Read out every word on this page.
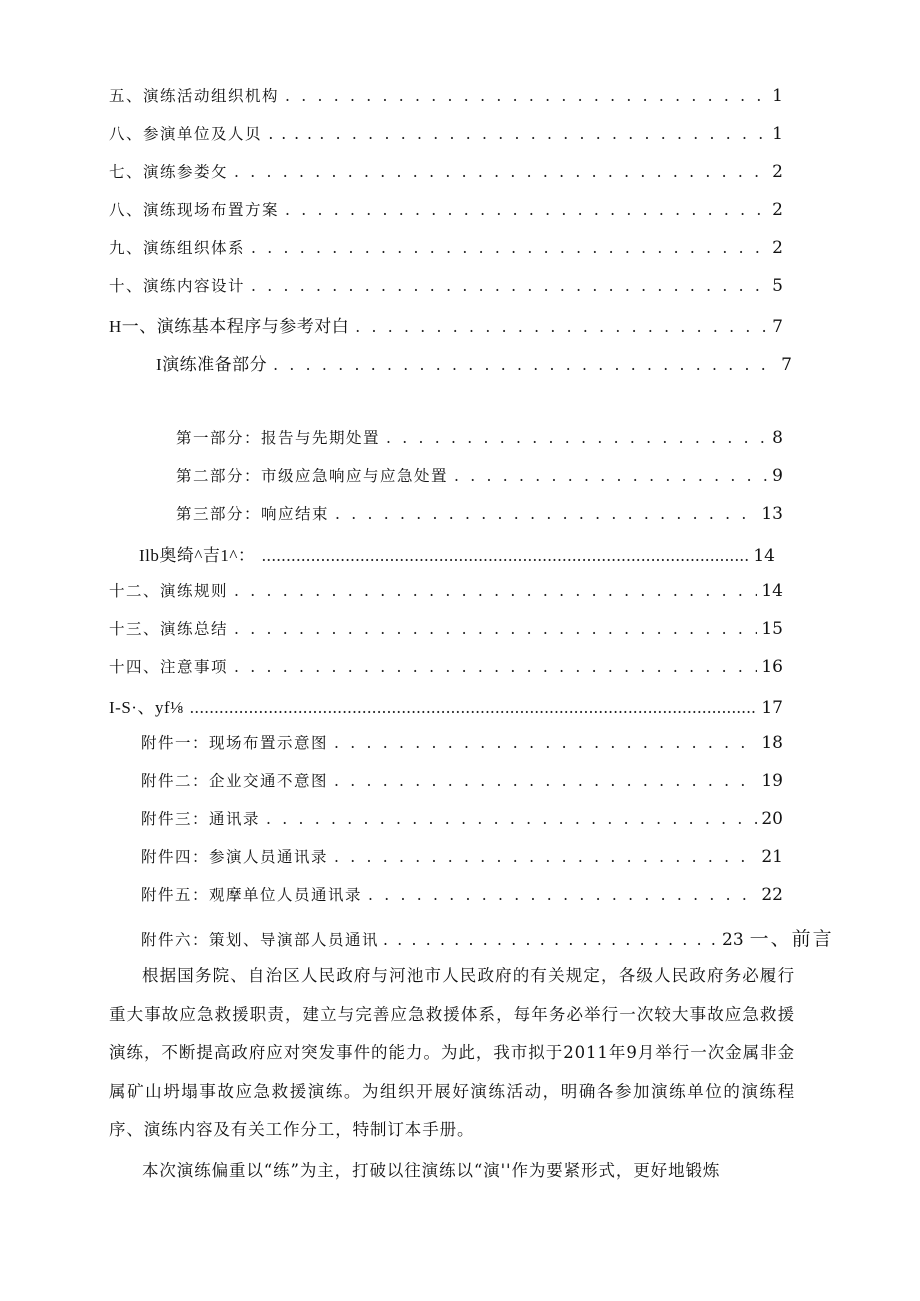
五、演练活动组织机构 . . .	1
八、参演单位及人贝 . . . . . . .	1
七、演练参娄攵 . . .	2
八、演练现场布置方案 . . .	2
九、演练组织体系 . . .	2
十、演练内容设计 . . .	5
H一、演练基本程序与参考对白 . . .	7
I演练准备部分 . . .	7
第一部分：报告与先期处置 . . .	8
第二部分：市级应急响应与应急处置 . . .	9
第三部分：响应结束 . . .	13
Ilb奥绮^吉1^： .....	14
十二、演练规则 . . .	14
十三、演练总结 . . .	15
十四、注意事项 . . .	16
I-S·、yf⅛ .....	17
附件一：现场布置示意图 . . .	18
附件二：企业交通不意图 . . .	19
附件三：通讯录 . . .	20
附件四：参演人员通讯录 . . .	21
附件五：观摩单位人员通讯录 . . .	22
附件六：策划、导演部人员通讯 . . . . . . . . . . . . . . . . . . . . . . . . 23 一、前言

根据国务院、自治区人民政府与河池市人民政府的有关规定，各级人民政府务必履行重大事故应急救援职责，建立与完善应急救援体系，每年务必举行一次较大事故应急救援演练，不断提高政府应对突发事件的能力。为此，我市拟于2011年9月举行一次金属非金属矿山坍塌事故应急救援演练。为组织开展好演练活动，明确各参加演练单位的演练程序、演练内容及有关工作分工，特制订本手册。

本次演练偏重以“练”为主，打破以往演练以“演''作为要紧形式，更好地锻炼
